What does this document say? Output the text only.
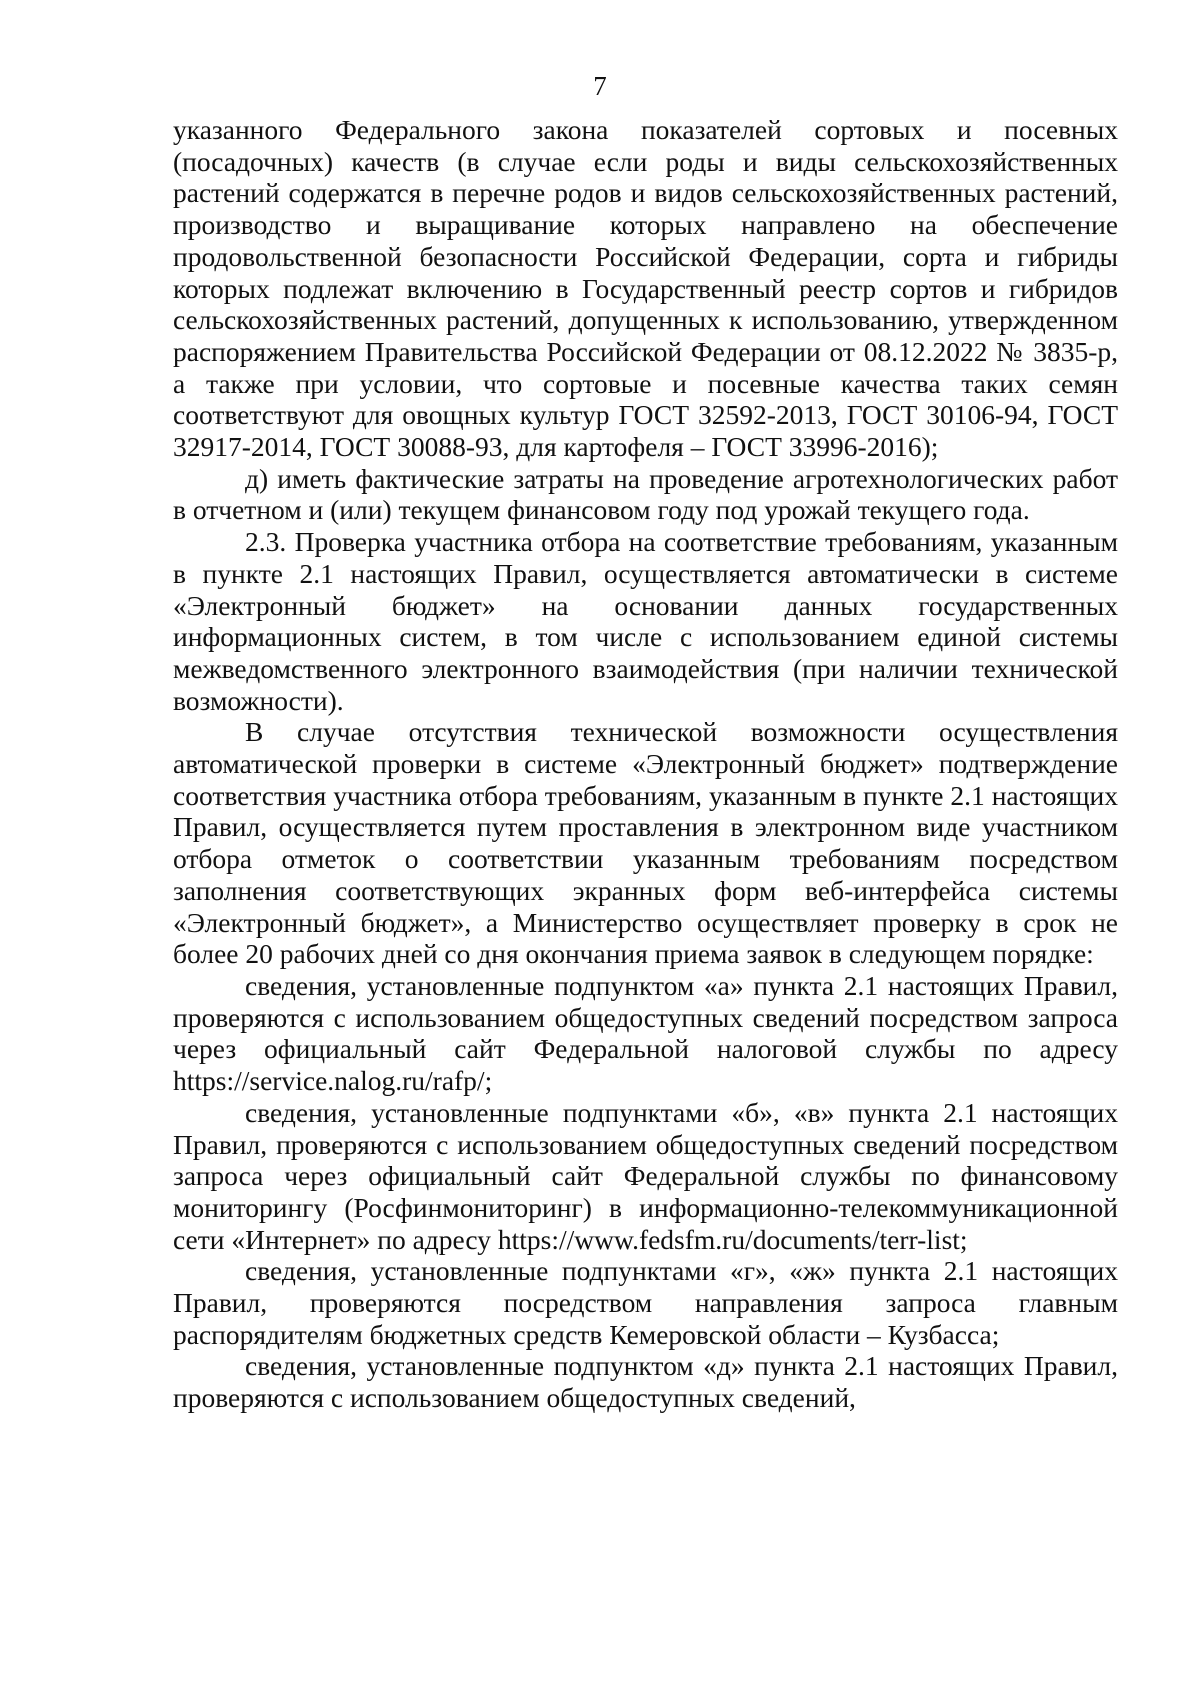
7

указанного Федерального закона показателей сортовых и посевных (посадочных) качеств (в случае если роды и виды сельскохозяйственных растений содержатся в перечне родов и видов сельскохозяйственных растений, производство и выращивание которых направлено на обеспечение продовольственной безопасности Российской Федерации, сорта и гибриды которых подлежат включению в Государственный реестр сортов и гибридов сельскохозяйственных растений, допущенных к использованию, утвержденном распоряжением Правительства Российской Федерации от 08.12.2022 № 3835-р, а также при условии, что сортовые и посевные качества таких семян соответствуют для овощных культур ГОСТ 32592-2013, ГОСТ 30106-94, ГОСТ 32917-2014, ГОСТ 30088-93, для картофеля – ГОСТ 33996-2016);

д) иметь фактические затраты на проведение агротехнологических работ в отчетном и (или) текущем финансовом году под урожай текущего года.

2.3. Проверка участника отбора на соответствие требованиям, указанным в пункте 2.1 настоящих Правил, осуществляется автоматически в системе «Электронный бюджет» на основании данных государственных информационных систем, в том числе с использованием единой системы межведомственного электронного взаимодействия (при наличии технической возможности).

В случае отсутствия технической возможности осуществления автоматической проверки в системе «Электронный бюджет» подтверждение соответствия участника отбора требованиям, указанным в пункте 2.1 настоящих Правил, осуществляется путем проставления в электронном виде участником отбора отметок о соответствии указанным требованиям посредством заполнения соответствующих экранных форм веб-интерфейса системы «Электронный бюджет», а Министерство осуществляет проверку в срок не более 20 рабочих дней со дня окончания приема заявок в следующем порядке:

сведения, установленные подпунктом «а» пункта 2.1 настоящих Правил, проверяются с использованием общедоступных сведений посредством запроса через официальный сайт Федеральной налоговой службы по адресу https://service.nalog.ru/rafp/;

сведения, установленные подпунктами «б», «в» пункта 2.1 настоящих Правил, проверяются с использованием общедоступных сведений посредством запроса через официальный сайт Федеральной службы по финансовому мониторингу (Росфинмониторинг) в информационно-телекоммуникационной сети «Интернет» по адресу https://www.fedsfm.ru/documents/terr-list;

сведения, установленные подпунктами «г», «ж» пункта 2.1 настоящих Правил, проверяются посредством направления запроса главным распорядителям бюджетных средств Кемеровской области – Кузбасса;

сведения, установленные подпунктом «д» пункта 2.1 настоящих Правил, проверяются с использованием общедоступных сведений,
